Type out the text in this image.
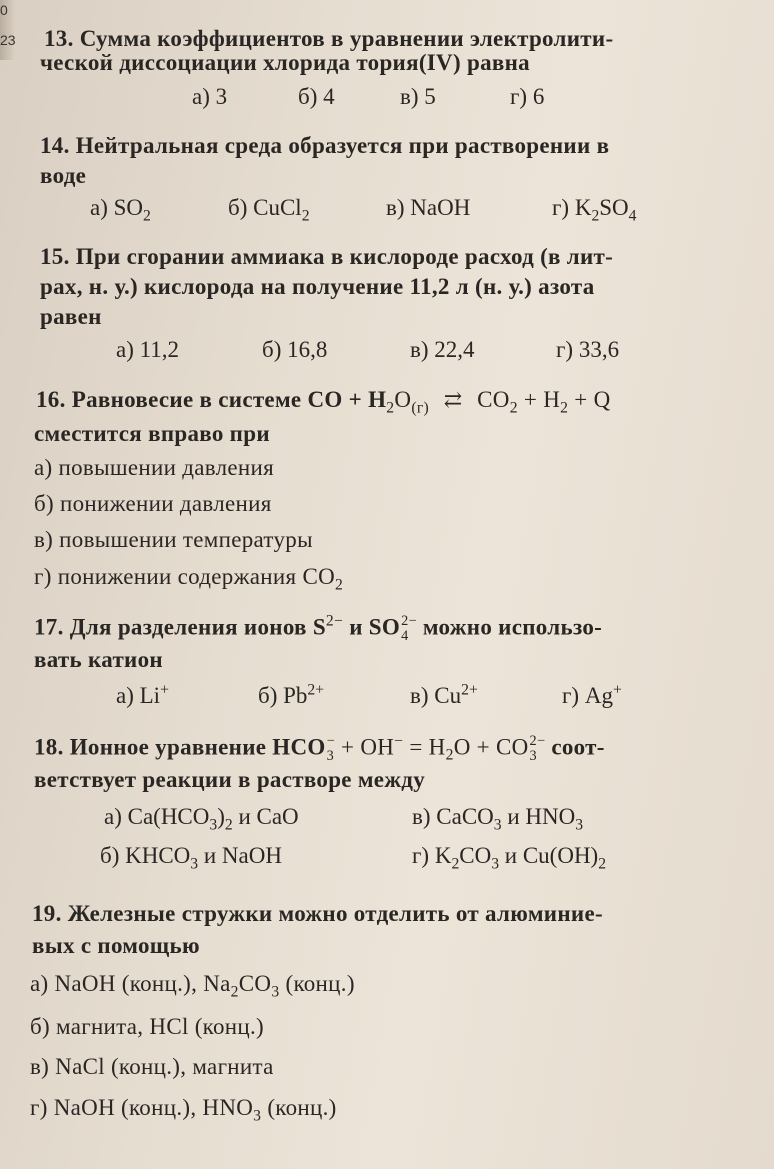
0
23 13. Сумма коэффициентов в уравнении электролити-
ческой диссоциации хлорида тория(IV) равна
а) 3	б) 4	в) 5	г) 6
14. Нейтральная среда образуется при растворении в
воде
а) $SO_2$	б) CuCl$_2$	в) NaOH	г) $K_2SO_4$
15. При сгорании аммиака в кислороде расход (в лит-
рах, н. у.) кислорода на получение 11,2 л (н. у.) азота
равен
а) 11,2	б) 16,8	в) 22,4	г) 33,6
16. Равновесие в системе CO + $H_2O_{(г)}$ ⇄ $CO_2 + H_2 + Q$
сместится вправо при
а) повышении давления
б) понижении давления
в) повышении температуры
г) понижении содержания $CO_2$
17. Для разделения ионов $S^{2-}$ и SO 2−
4 можно использо-
вать катион
а) Li+	б) $Pb^{2+}$	в) $Cu^{2+}$	г) Ag+
18. Ионное уравнение HCO −
$3 + OH^- = H_2O$ + CO 2−
3 соот-
ветствует реакции в растворе между
а) $Ca(HCO_3)_2$ и CaO	в) CaCO$_3$ и $HNO_3$
б) $KHCO_3$ и NaOH	г) $K_2CO_3$ и $Cu(OH)_2$
19. Железные стружки можно отделить от алюминие-
вых с помощью
а) NaOH (конц.), $Na_2CO_3$ (конц.)
б) магнита, HCl (конц.)
в) NaCl (конц.), магнита
г) NaOH (конц.), $HNO_3$ (конц.)
